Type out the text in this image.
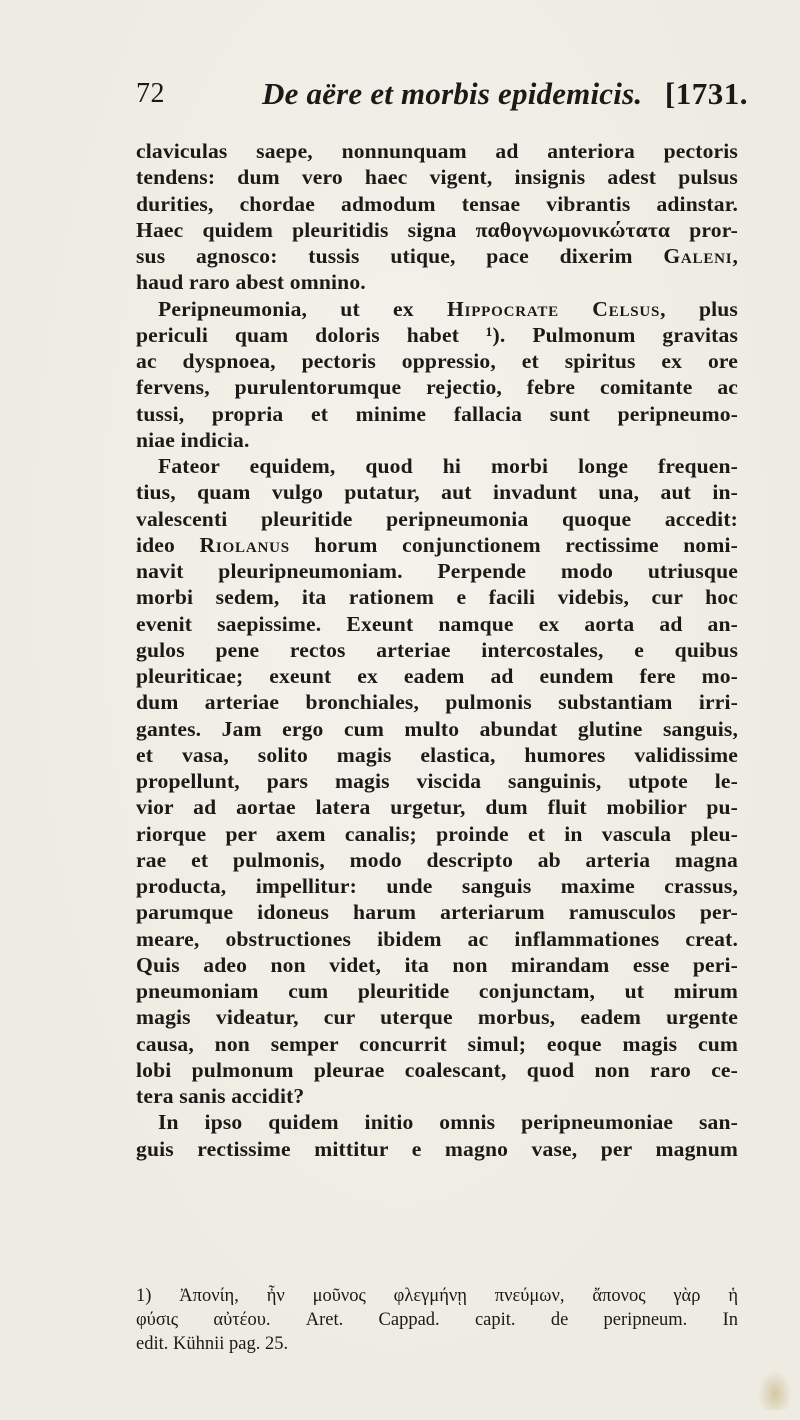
72	De aëre et morbis epidemicis. [1731.
claviculas saepe, nonnunquam ad anteriora pectoris
tendens: dum vero haec vigent, insignis adest pulsus
durities, chordae admodum tensae vibrantis adinstar.
Haec quidem pleuritidis signa παθογνωμονικώτατα pror-
sus agnosco: tussis utique, pace dixerim Galeni,
haud raro abest omnino.
Peripneumonia, ut ex Hippocrate Celsus, plus
periculi quam doloris habet ¹). Pulmonum gravitas
ac dyspnoea, pectoris oppressio, et spiritus ex ore
fervens, purulentorumque rejectio, febre comitante ac
tussi, propria et minime fallacia sunt peripneumo-
niae indicia.
Fateor equidem, quod hi morbi longe frequen-
tius, quam vulgo putatur, aut invadunt una, aut in-
valescenti pleuritide peripneumonia quoque accedit:
ideo Riolanus horum conjunctionem rectissime nomi-
navit pleuripneumoniam. Perpende modo utriusque
morbi sedem, ita rationem e facili videbis, cur hoc
evenit saepissime. Exeunt namque ex aorta ad an-
gulos pene rectos arteriae intercostales, e quibus
pleuriticae; exeunt ex eadem ad eundem fere mo-
dum arteriae bronchiales, pulmonis substantiam irri-
gantes. Jam ergo cum multo abundat glutine sanguis,
et vasa, solito magis elastica, humores validissime
propellunt, pars magis viscida sanguinis, utpote le-
vior ad aortae latera urgetur, dum fluit mobilior pu-
riorque per axem canalis; proinde et in vascula pleu-
rae et pulmonis, modo descripto ab arteria magna
producta, impellitur: unde sanguis maxime crassus,
parumque idoneus harum arteriarum ramusculos per-
meare, obstructiones ibidem ac inflammationes creat.
Quis adeo non videt, ita non mirandam esse peri-
pneumoniam cum pleuritide conjunctam, ut mirum
magis videatur, cur uterque morbus, eadem urgente
causa, non semper concurrit simul; eoque magis cum
lobi pulmonum pleurae coalescant, quod non raro ce-
tera sanis accidit?
In ipso quidem initio omnis peripneumoniae san-
guis rectissime mittitur e magno vase, per magnum
1) Ἀπονίη, ἦν μοῦνος φλεγμήνῃ πνεύμων, ἄπονος γὰρ ἡ
φύσις αὐτέου. Aret. Cappad. capit. de peripneum. In
edit. Kühnii pag. 25.
